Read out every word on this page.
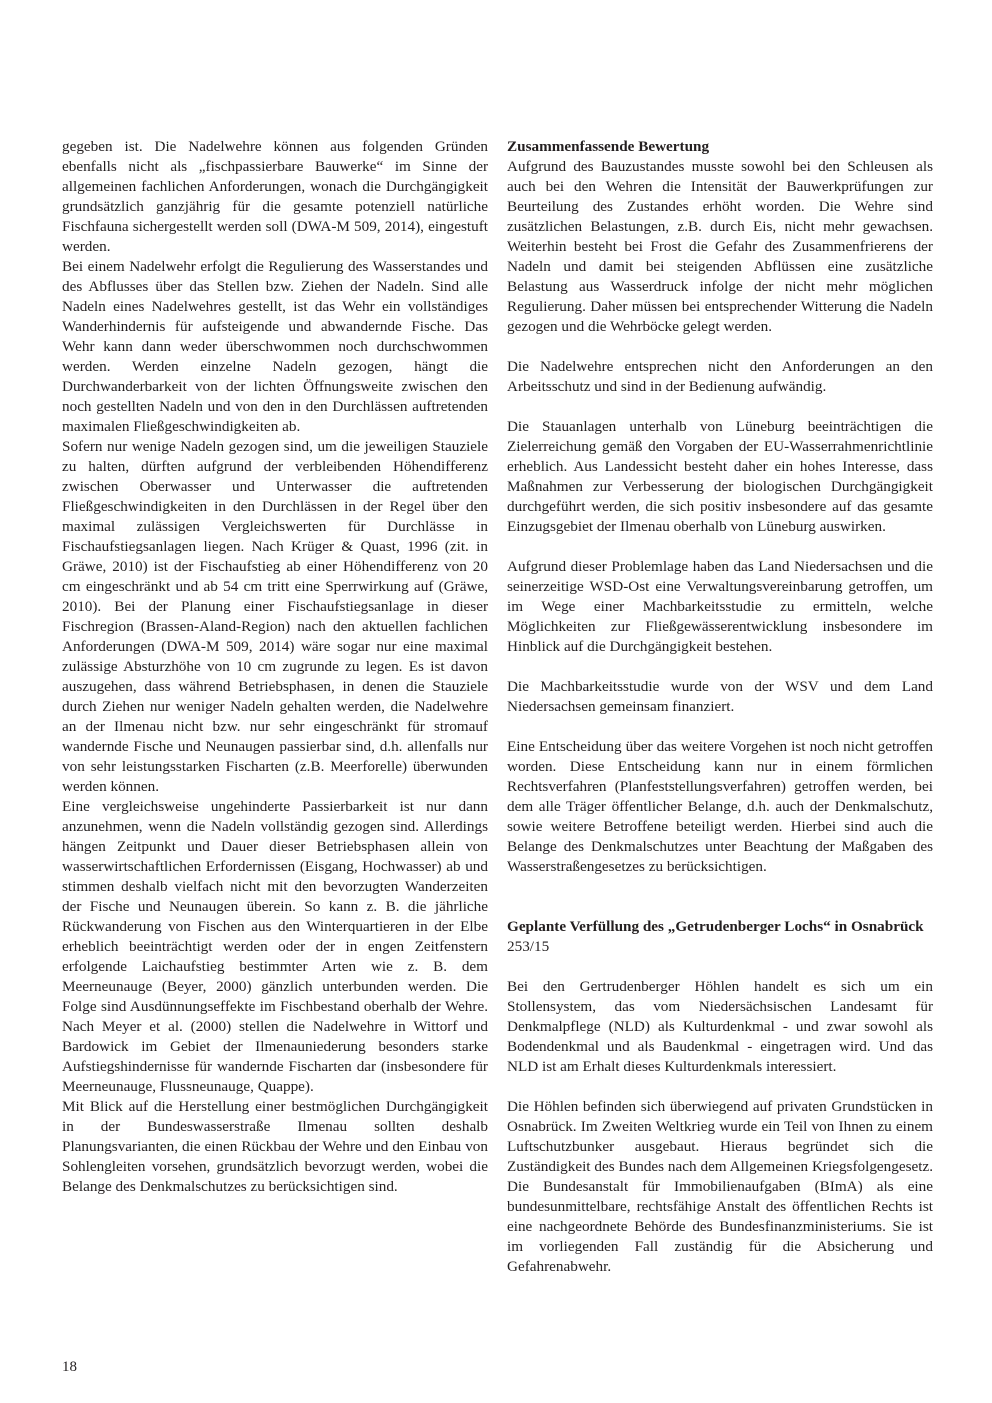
gegeben ist. Die Nadelwehre können aus folgenden Gründen ebenfalls nicht als „fischpassierbare Bauwerke“ im Sinne der allgemeinen fachlichen Anforderungen, wonach die Durchgängigkeit grundsätzlich ganzjährig für die gesamte potenziell natürliche Fischfauna sichergestellt werden soll (DWA-M 509, 2014), eingestuft werden.

Bei einem Nadelwehr erfolgt die Regulierung des Wasserstandes und des Abflusses über das Stellen bzw. Ziehen der Nadeln. Sind alle Nadeln eines Nadelwehres gestellt, ist das Wehr ein vollständiges Wanderhindernis für aufsteigende und abwandernde Fische. Das Wehr kann dann weder überschwommen noch durchschwommen werden. Werden einzelne Nadeln gezogen, hängt die Durchwanderbarkeit von der lichten Öffnungsweite zwischen den noch gestellten Nadeln und von den in den Durchlässen auftretenden maximalen Fließgeschwindigkeiten ab.

Sofern nur wenige Nadeln gezogen sind, um die jeweiligen Stauziele zu halten, dürften aufgrund der verbleibenden Höhendifferenz zwischen Oberwasser und Unterwasser die auftretenden Fließgeschwindigkeiten in den Durchlässen in der Regel über den maximal zulässigen Vergleichswerten für Durchlässe in Fischaufstiegsanlagen liegen. Nach Krüger & Quast, 1996 (zit. in Gräwe, 2010) ist der Fischaufstieg ab einer Höhendifferenz von 20 cm eingeschränkt und ab 54 cm tritt eine Sperrwirkung auf (Gräwe, 2010). Bei der Planung einer Fischaufstiegsanlage in dieser Fischregion (Brassen-Aland-Region) nach den aktuellen fachlichen Anforderungen (DWA-M 509, 2014) wäre sogar nur eine maximal zulässige Absturzhöhe von 10 cm zugrunde zu legen. Es ist davon auszugehen, dass während Betriebsphasen, in denen die Stauziele durch Ziehen nur weniger Nadeln gehalten werden, die Nadelwehre an der Ilmenau nicht bzw. nur sehr eingeschränkt für stromauf wandernde Fische und Neunaugen passierbar sind, d.h. allenfalls nur von sehr leistungsstarken Fischarten (z.B. Meerforelle) überwunden werden können.

Eine vergleichsweise ungehinderte Passierbarkeit ist nur dann anzunehmen, wenn die Nadeln vollständig gezogen sind. Allerdings hängen Zeitpunkt und Dauer dieser Betriebsphasen allein von wasserwirtschaftlichen Erfordernissen (Eisgang, Hochwasser) ab und stimmen deshalb vielfach nicht mit den bevorzugten Wanderzeiten der Fische und Neunaugen überein. So kann z. B. die jährliche Rückwanderung von Fischen aus den Winterquartieren in der Elbe erheblich beeinträchtigt werden oder der in engen Zeitfenstern erfolgende Laichaufstieg bestimmter Arten wie z. B. dem Meerneunauge (Beyer, 2000) gänzlich unterbunden werden. Die Folge sind Ausdünnungseffekte im Fischbestand oberhalb der Wehre. Nach Meyer et al. (2000) stellen die Nadelwehre in Wittorf und Bardowick im Gebiet der Ilmenauniederung besonders starke Aufstiegshindernisse für wandernde Fischarten dar (insbesondere für Meerneunauge, Flussneunauge, Quappe).

Mit Blick auf die Herstellung einer bestmöglichen Durchgängigkeit in der Bundeswasserstraße Ilmenau sollten deshalb Planungsvarianten, die einen Rückbau der Wehre und den Einbau von Sohlengleiten vorsehen, grundsätzlich bevorzugt werden, wobei die Belange des Denkmalschutzes zu berücksichtigen sind.

Zusammenfassende Bewertung

Aufgrund des Bauzustandes musste sowohl bei den Schleusen als auch bei den Wehren die Intensität der Bauwerkprüfungen zur Beurteilung des Zustandes erhöht worden. Die Wehre sind zusätzlichen Belastungen, z.B. durch Eis, nicht mehr gewachsen. Weiterhin besteht bei Frost die Gefahr des Zusammenfrierens der Nadeln und damit bei steigenden Abflüssen eine zusätzliche Belastung aus Wasserdruck infolge der nicht mehr möglichen Regulierung. Daher müssen bei entsprechender Witterung die Nadeln gezogen und die Wehrböcke gelegt werden.

Die Nadelwehre entsprechen nicht den Anforderungen an den Arbeitsschutz und sind in der Bedienung aufwändig.

Die Stauanlagen unterhalb von Lüneburg beeinträchtigen die Zielerreichung gemäß den Vorgaben der EU-Wasserrahmenrichtlinie erheblich. Aus Landessicht besteht daher ein hohes Interesse, dass Maßnahmen zur Verbesserung der biologischen Durchgängigkeit durchgeführt werden, die sich positiv insbesondere auf das gesamte Einzugsgebiet der Ilmenau oberhalb von Lüneburg auswirken.

Aufgrund dieser Problemlage haben das Land Niedersachsen und die seinerzeitige WSD-Ost eine Verwaltungsvereinbarung getroffen, um im Wege einer Machbarkeitsstudie zu ermitteln, welche Möglichkeiten zur Fließgewässerentwicklung insbesondere im Hinblick auf die Durchgängigkeit bestehen.

Die Machbarkeitsstudie wurde von der WSV und dem Land Niedersachsen gemeinsam finanziert.

Eine Entscheidung über das weitere Vorgehen ist noch nicht getroffen worden. Diese Entscheidung kann nur in einem förmlichen Rechtsverfahren (Planfeststellungsverfahren) getroffen werden, bei dem alle Träger öffentlicher Belange, d.h. auch der Denkmalschutz, sowie weitere Betroffene beteiligt werden. Hierbei sind auch die Belange des Denkmalschutzes unter Beachtung der Maßgaben des Wasserstraßengesetzes zu berücksichtigen.

Geplante Verfüllung des „Getrudenberger Lochs“ in Osnabrück

253/15

Bei den Gertrudenberger Höhlen handelt es sich um ein Stollensystem, das vom Niedersächsischen Landesamt für Denkmalpflege (NLD) als Kulturdenkmal - und zwar sowohl als Bodendenkmal und als Baudenkmal - eingetragen wird. Und das NLD ist am Erhalt dieses Kulturdenkmals interessiert.

Die Höhlen befinden sich überwiegend auf privaten Grundstücken in Osnabrück. Im Zweiten Weltkrieg wurde ein Teil von Ihnen zu einem Luftschutzbunker ausgebaut. Hieraus begründet sich die Zuständigkeit des Bundes nach dem Allgemeinen Kriegsfolgengesetz. Die Bundesanstalt für Immobilienaufgaben (BImA) als eine bundesunmittelbare, rechtsfähige Anstalt des öffentlichen Rechts ist eine nachgeordnete Behörde des Bundesfinanzministeriums. Sie ist im vorliegenden Fall zuständig für die Absicherung und Gefahrenabwehr.

18
